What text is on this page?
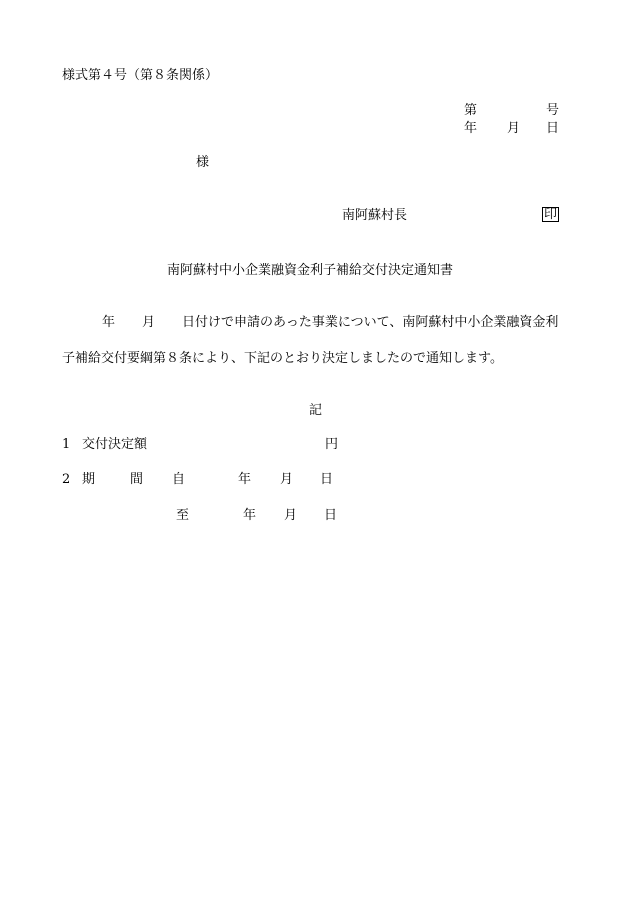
様式第４号（第８条関係）

第	号

年 月 日

様

南阿蘇村長	印

南阿蘇村中小企業融資金利子補給交付決定通知書

年 月 日付けで申請のあった事業について、南阿蘇村中小企業融資金利

子補給交付要綱第８条により、下記のとおり決定しましたので通知します。

記

1 交付決定額	円

2 期	間 自	年 月 日

至	年 月 日
